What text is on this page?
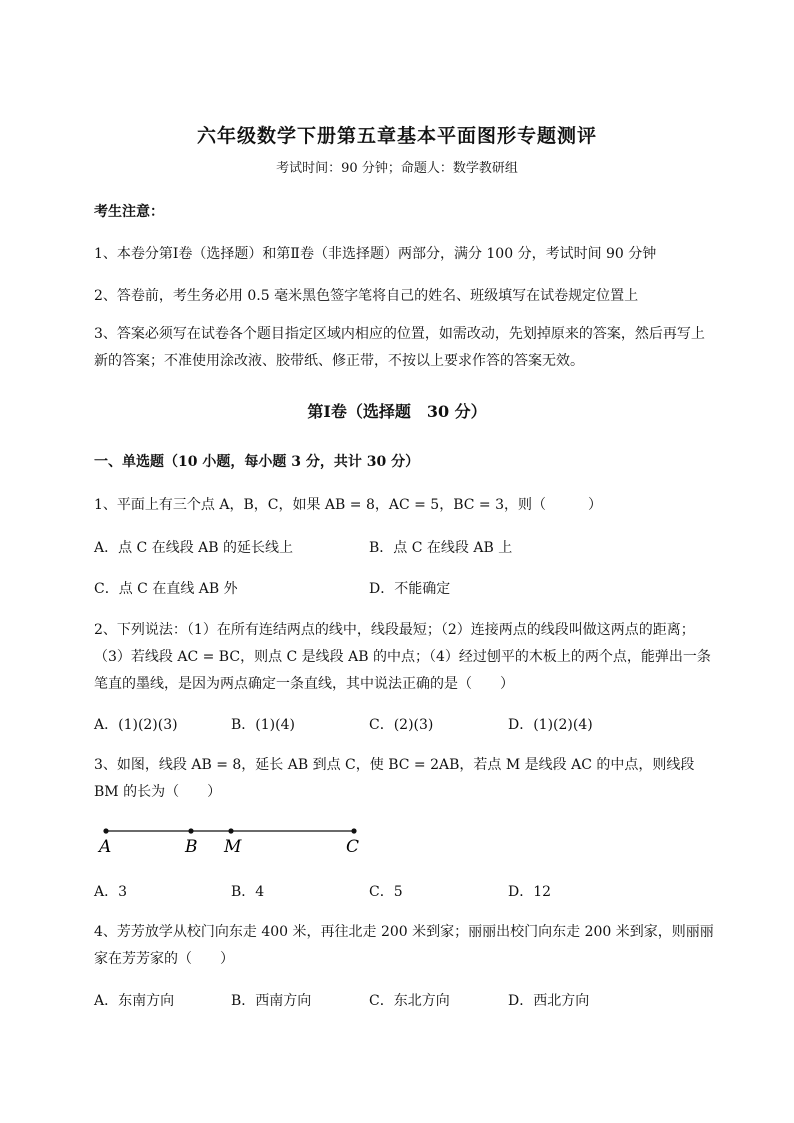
六年级数学下册第五章基本平面图形专题测评
考试时间：90 分钟；命题人：数学教研组
考生注意：
1、本卷分第Ⅰ卷（选择题）和第Ⅱ卷（非选择题）两部分，满分 100 分，考试时间 90 分钟
2、答卷前，考生务必用 0.5 毫米黑色签字笔将自己的姓名、班级填写在试卷规定位置上
3、答案必须写在试卷各个题目指定区域内相应的位置，如需改动，先划掉原来的答案，然后再写上新的答案；不准使用涂改液、胶带纸、修正带，不按以上要求作答的答案无效。
第Ⅰ卷（选择题　30 分）
一、单选题（10 小题，每小题 3 分，共计 30 分）
1、平面上有三个点 A，B，C，如果 AB = 8，AC = 5，BC = 3，则（　　　）
A．点 C 在线段 AB 的延长线上	B．点 C 在线段 AB 上
C．点 C 在直线 AB 外	D．不能确定
2、下列说法：（1）在所有连结两点的线中，线段最短；（2）连接两点的线段叫做这两点的距离；（3）若线段 AC = BC，则点 C 是线段 AB 的中点；（4）经过刨平的木板上的两个点，能弹出一条笔直的墨线，是因为两点确定一条直线，其中说法正确的是（　　）
A．(1)(2)(3)	B．(1)(4)	C．(2)(3)	D．(1)(2)(4)
3、如图，线段 AB = 8，延长 AB 到点 C，使 BC = 2AB，若点 M 是线段 AC 的中点，则线段 BM 的长为（　　）
A	B M	C
A．3	B．4	C．5	D．12
4、芳芳放学从校门向东走 400 米，再往北走 200 米到家；丽丽出校门向东走 200 米到家，则丽丽家在芳芳家的（　　）
A．东南方向	B．西南方向	C．东北方向	D．西北方向
